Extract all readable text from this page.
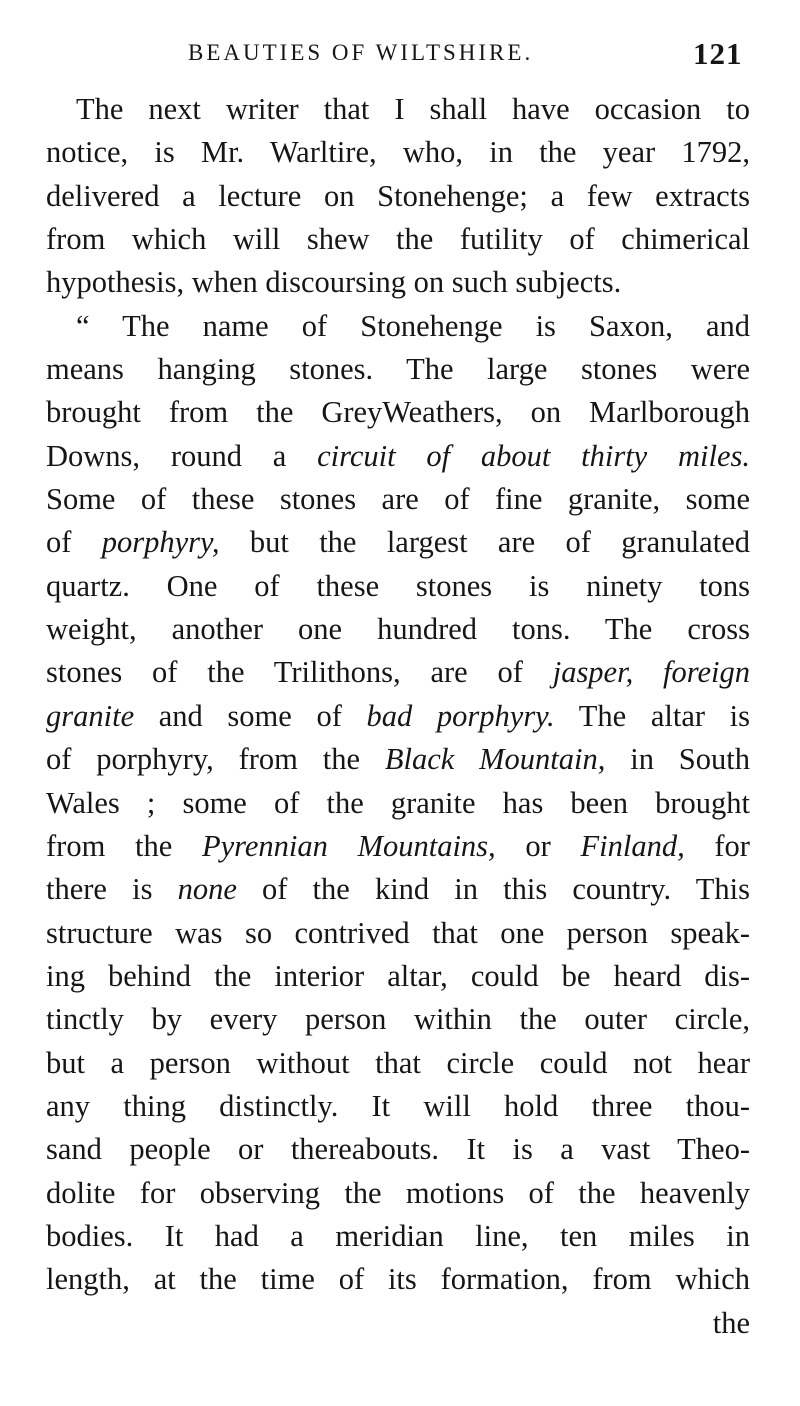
BEAUTIES OF WILTSHIRE.	121
The next writer that I shall have occasion to
notice, is Mr. Warltire, who, in the year 1792,
delivered a lecture on Stonehenge; a few extracts
from which will shew the futility of chimerical
hypothesis, when discoursing on such subjects.
“ The name of Stonehenge is Saxon, and
means hanging stones. The large stones were
brought from the GreyWeathers, on Marlborough
Downs, round a circuit of about thirty miles.
Some of these stones are of fine granite, some
of porphyry, but the largest are of granulated
quartz. One of these stones is ninety tons
weight, another one hundred tons. The cross
stones of the Trilithons, are of jasper, foreign
granite and some of bad porphyry. The altar is
of porphyry, from the Black Mountain, in South
Wales ; some of the granite has been brought
from the Pyrennian Mountains, or Finland, for
there is none of the kind in this country. This
structure was so contrived that one person speak-
ing behind the interior altar, could be heard dis-
tinctly by every person within the outer circle,
but a person without that circle could not hear
any thing distinctly. It will hold three thou-
sand people or thereabouts. It is a vast Theo-
dolite for observing the motions of the heavenly
bodies. It had a meridian line, ten miles in
length, at the time of its formation, from which
the
